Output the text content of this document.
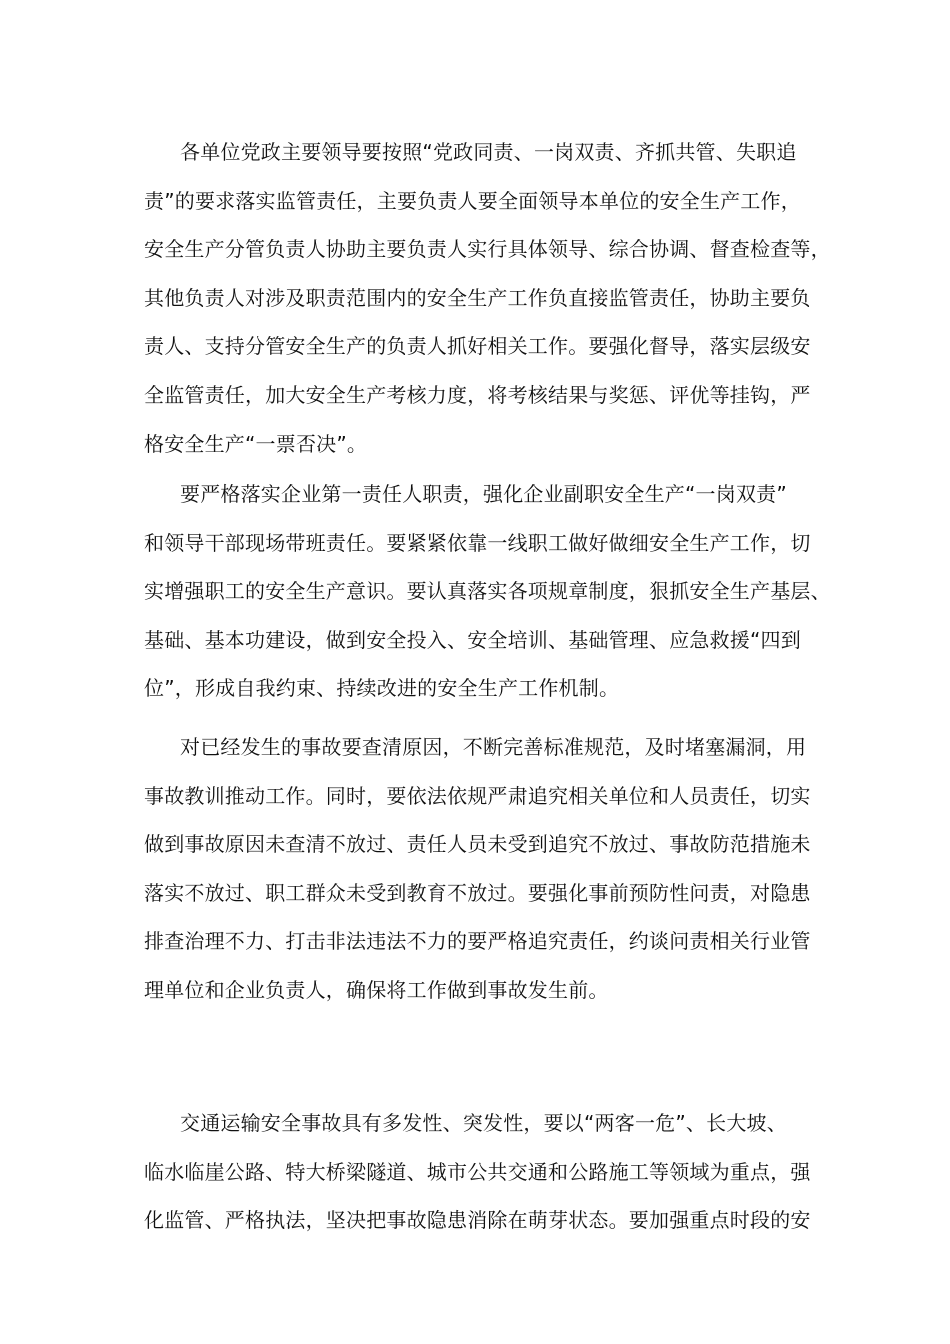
各单位党政主要领导要按照“党政同责、一岗双责、齐抓共管、失职追
责”的要求落实监管责任，主要负责人要全面领导本单位的安全生产工作，
安全生产分管负责人协助主要负责人实行具体领导、综合协调、督查检查等，
其他负责人对涉及职责范围内的安全生产工作负直接监管责任，协助主要负
责人、支持分管安全生产的负责人抓好相关工作。要强化督导，落实层级安
全监管责任，加大安全生产考核力度，将考核结果与奖惩、评优等挂钩，严
格安全生产“一票否决”。
要严格落实企业第一责任人职责，强化企业副职安全生产“一岗双责”
和领导干部现场带班责任。要紧紧依靠一线职工做好做细安全生产工作，切
实增强职工的安全生产意识。要认真落实各项规章制度，狠抓安全生产基层、
基础、基本功建设，做到安全投入、安全培训、基础管理、应急救援“四到
位”，形成自我约束、持续改进的安全生产工作机制。
对已经发生的事故要查清原因，不断完善标准规范，及时堵塞漏洞，用
事故教训推动工作。同时，要依法依规严肃追究相关单位和人员责任，切实
做到事故原因未查清不放过、责任人员未受到追究不放过、事故防范措施未
落实不放过、职工群众未受到教育不放过。要强化事前预防性问责，对隐患
排查治理不力、打击非法违法不力的要严格追究责任，约谈问责相关行业管
理单位和企业负责人，确保将工作做到事故发生前。
交通运输安全事故具有多发性、突发性，要以“两客一危”、长大坡、
临水临崖公路、特大桥梁隧道、城市公共交通和公路施工等领域为重点，强
化监管、严格执法，坚决把事故隐患消除在萌芽状态。要加强重点时段的安
